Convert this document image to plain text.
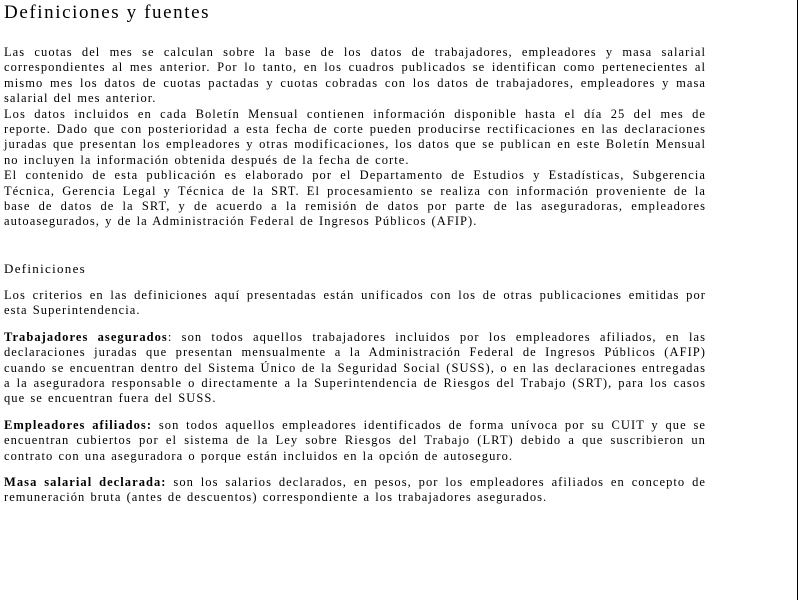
Definiciones y fuentes

Las cuotas del mes se calculan sobre la base de los datos de trabajadores, empleadores y masa salarial correspondientes al mes anterior. Por lo tanto, en los cuadros publicados se identifican como pertenecientes al mismo mes los datos de cuotas pactadas y cuotas cobradas con los datos de trabajadores, empleadores y masa salarial del mes anterior.

Los datos incluidos en cada Boletín Mensual contienen información disponible hasta el día 25 del mes de reporte. Dado que con posterioridad a esta fecha de corte pueden producirse rectificaciones en las declaraciones juradas que presentan los empleadores y otras modificaciones, los datos que se publican en este Boletín Mensual no incluyen la información obtenida después de la fecha de corte.

El contenido de esta publicación es elaborado por el Departamento de Estudios y Estadísticas, Subgerencia Técnica, Gerencia Legal y Técnica de la SRT. El procesamiento se realiza con información proveniente de la base de datos de la SRT, y de acuerdo a la remisión de datos por parte de las aseguradoras, empleadores autoasegurados, y de la Administración Federal de Ingresos Públicos (AFIP).

Definiciones

Los criterios en las definiciones aquí presentadas están unificados con los de otras publicaciones emitidas por esta Superintendencia.

Trabajadores asegurados: son todos aquellos trabajadores incluidos por los empleadores afiliados, en las declaraciones juradas que presentan mensualmente a la Administración Federal de Ingresos Públicos (AFIP) cuando se encuentran dentro del Sistema Único de la Seguridad Social (SUSS), o en las declaraciones entregadas a la aseguradora responsable o directamente a la Superintendencia de Riesgos del Trabajo (SRT), para los casos que se encuentran fuera del SUSS.

Empleadores afiliados: son todos aquellos empleadores identificados de forma unívoca por su CUIT y que se encuentran cubiertos por el sistema de la Ley sobre Riesgos del Trabajo (LRT) debido a que suscribieron un contrato con una aseguradora o porque están incluidos en la opción de autoseguro.

Masa salarial declarada: son los salarios declarados, en pesos, por los empleadores afiliados en concepto de remuneración bruta (antes de descuentos) correspondiente a los trabajadores asegurados.
